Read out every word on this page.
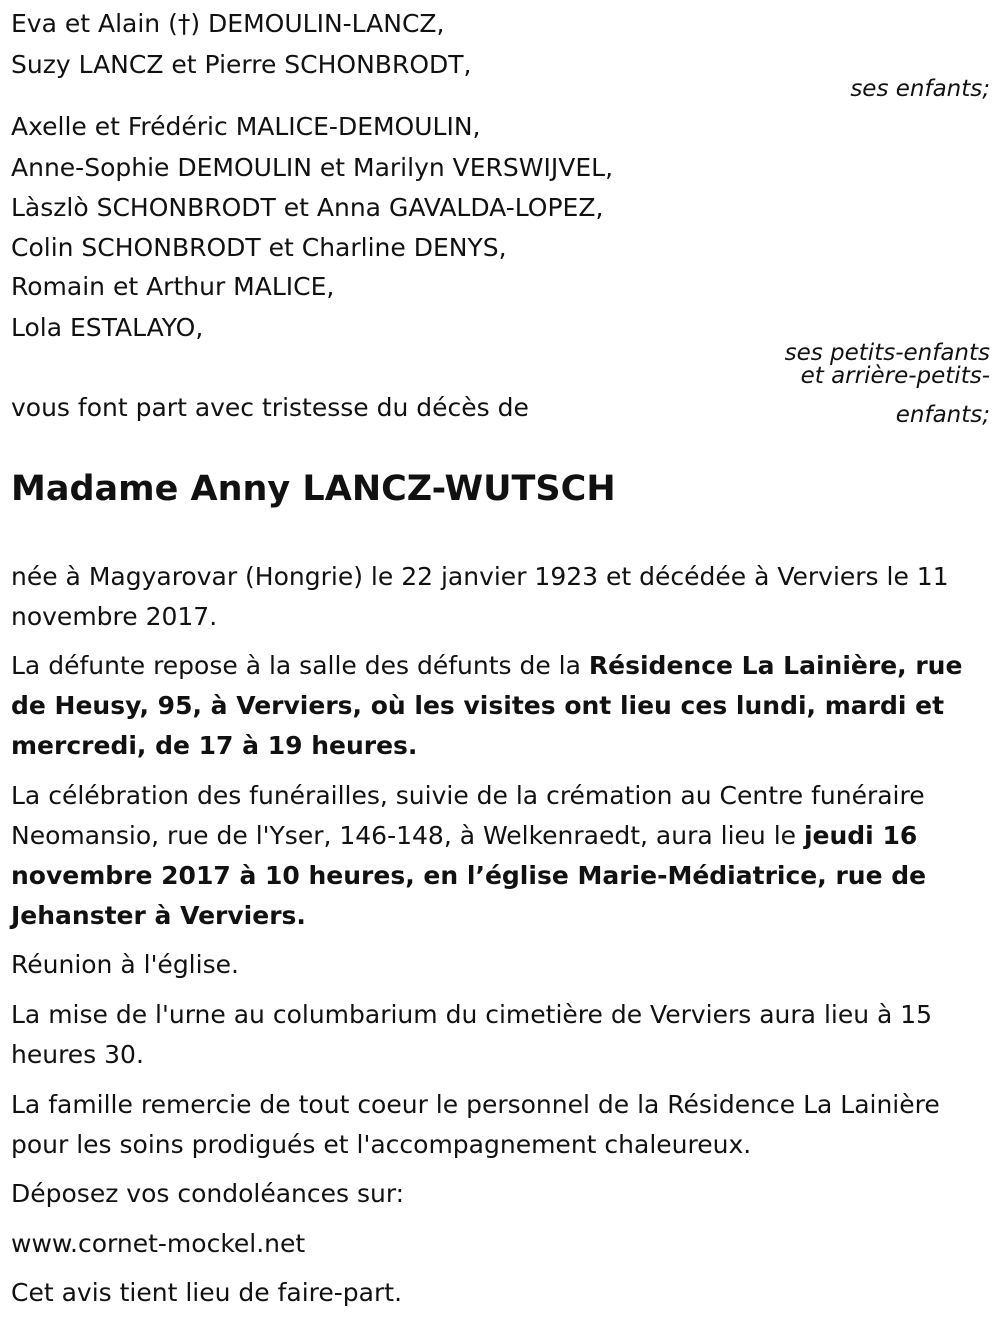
Eva et Alain (†) DEMOULIN-LANCZ,

Suzy LANCZ et Pierre SCHONBRODT,

ses enfants;

Axelle et Frédéric MALICE-DEMOULIN,

Anne-Sophie DEMOULIN et Marilyn VERSWIJVEL,

Làszlò SCHONBRODT et Anna GAVALDA-LOPEZ,

Colin SCHONBRODT et Charline DENYS,

Romain et Arthur MALICE,

Lola ESTALAYO,

ses petits-enfants

et arrière-petits-

enfants;

vous font part avec tristesse du décès de

Madame Anny LANCZ-WUTSCH

née à Magyarovar (Hongrie) le 22 janvier 1923 et décédée à Verviers le 11 novembre 2017.

La défunte repose à la salle des défunts de la Résidence La Lainière, rue de Heusy, 95, à Verviers, où les visites ont lieu ces lundi, mardi et mercredi, de 17 à 19 heures.

La célébration des funérailles, suivie de la crémation au Centre funéraire Neomansio, rue de l'Yser, 146-148, à Welkenraedt, aura lieu le jeudi 16 novembre 2017 à 10 heures, en l’église Marie-Médiatrice, rue de Jehanster à Verviers.

Réunion à l'église.

La mise de l'urne au columbarium du cimetière de Verviers aura lieu à 15 heures 30.

La famille remercie de tout coeur le personnel de la Résidence La Lainière pour les soins prodigués et l'accompagnement chaleureux.

Déposez vos condoléances sur:

www.cornet-mockel.net

Cet avis tient lieu de faire-part.
